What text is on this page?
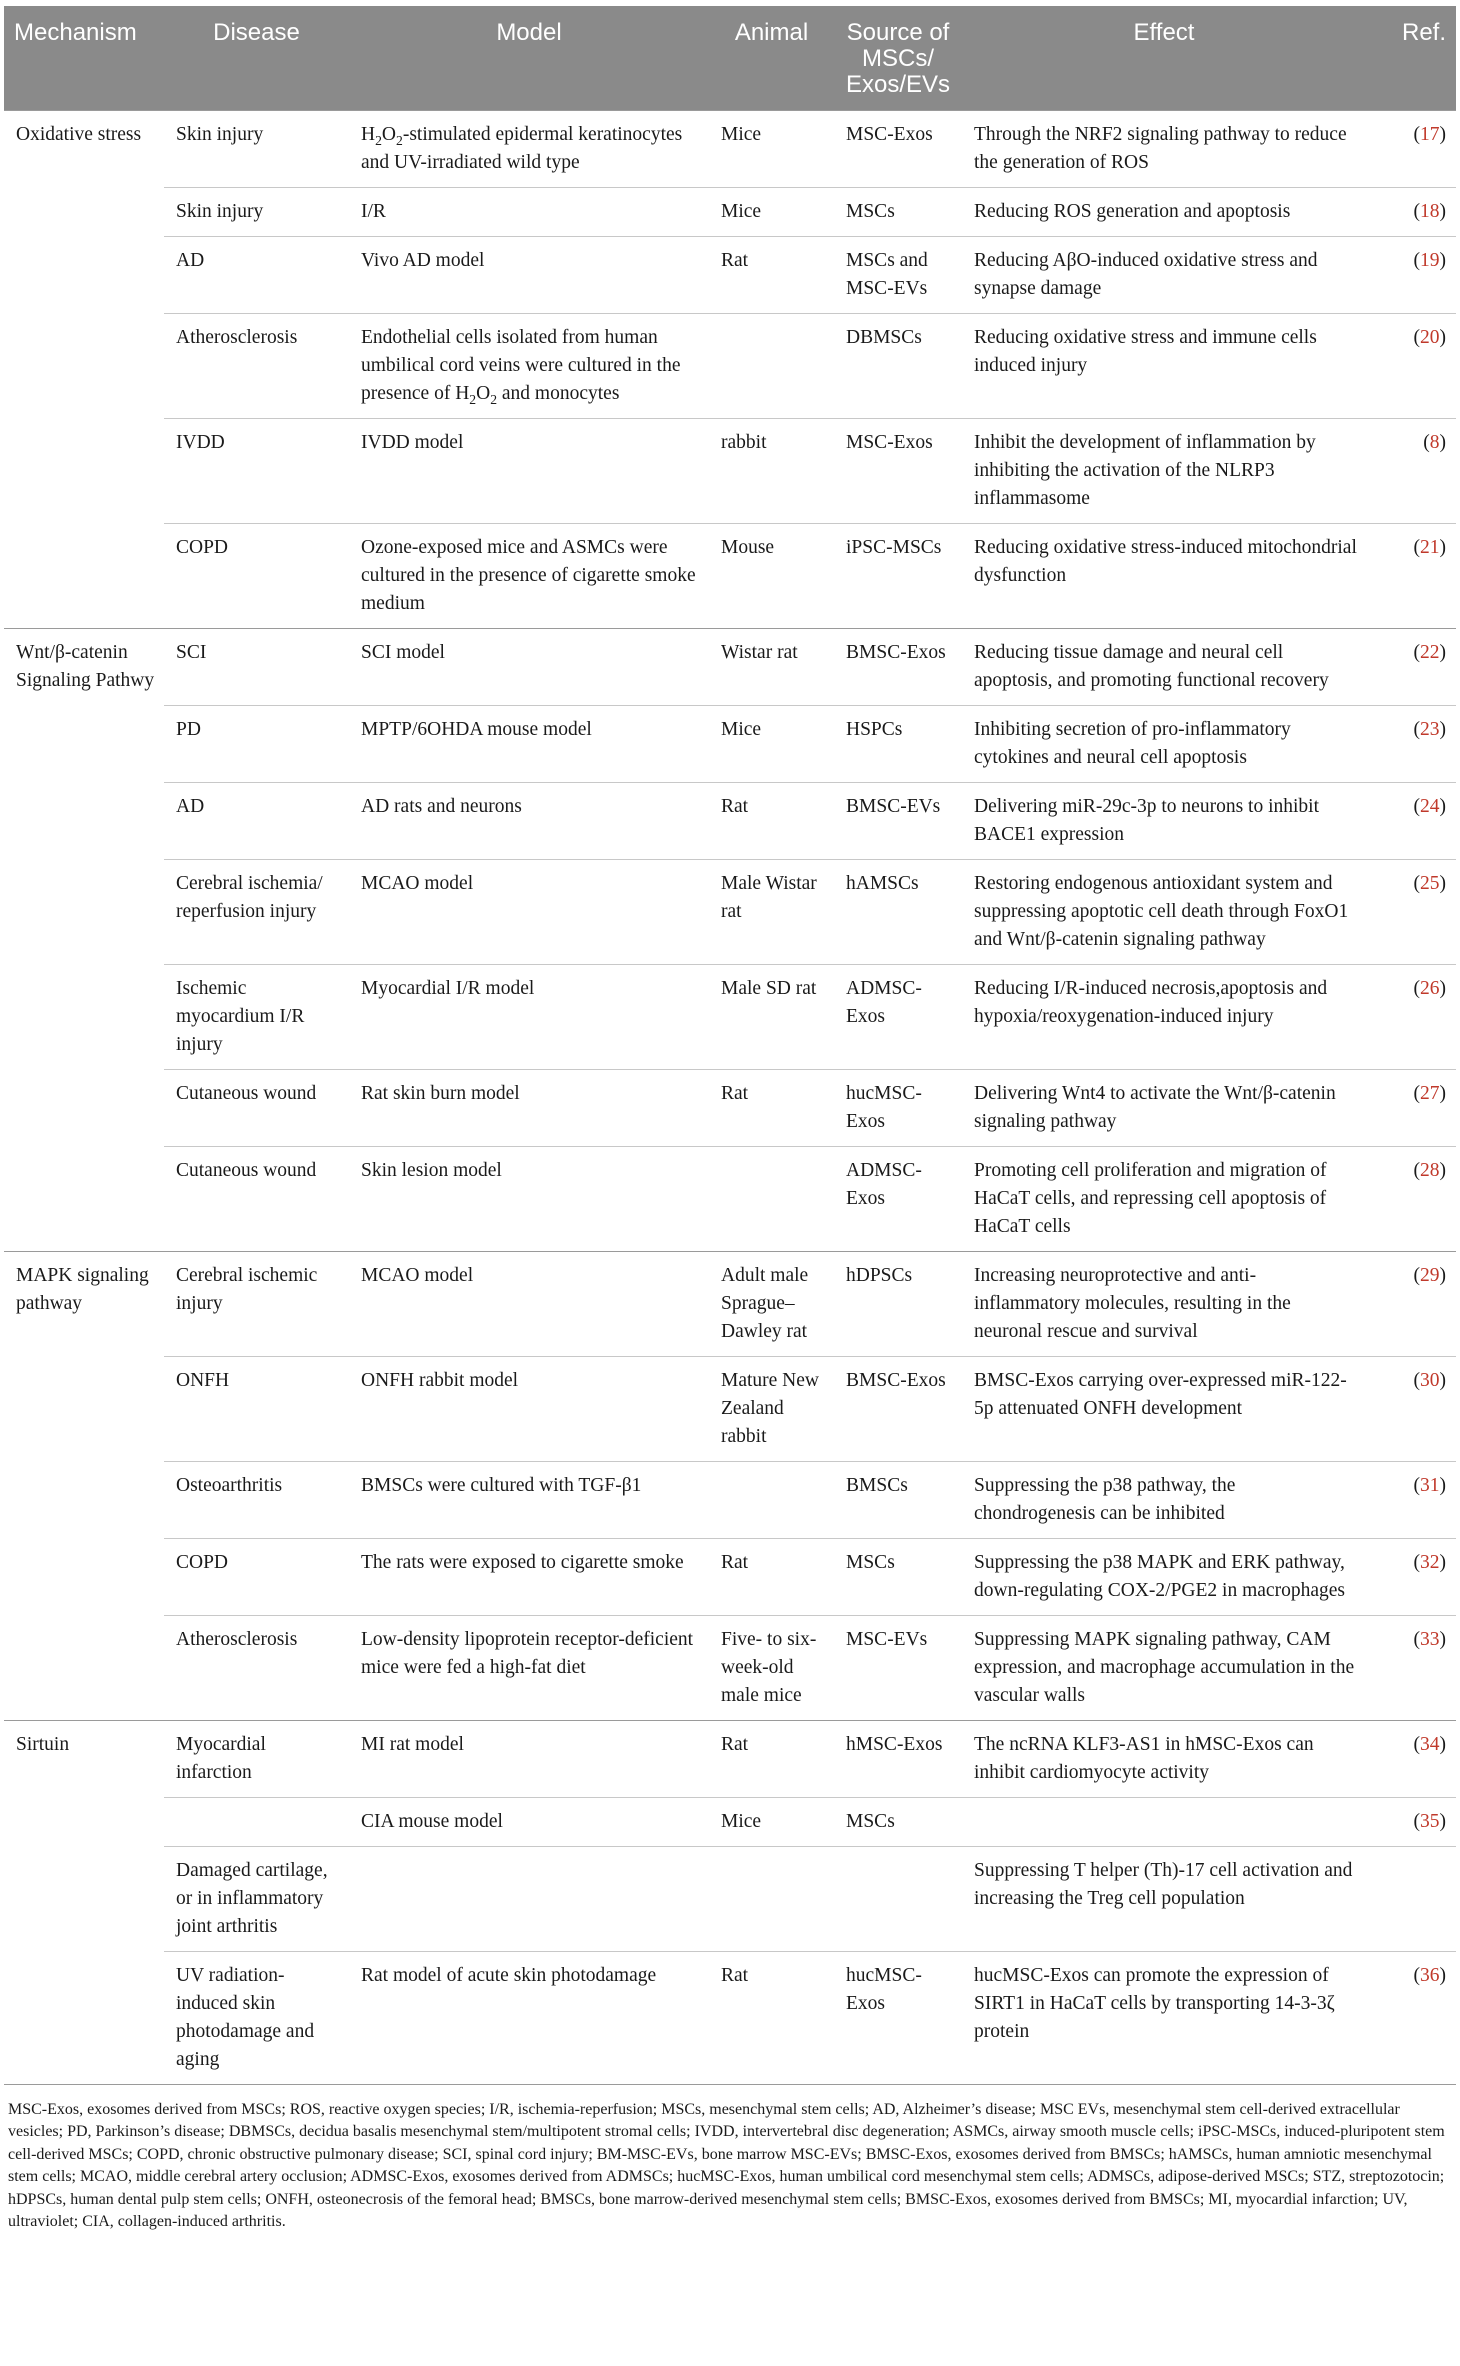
Mechanism	Disease	Model	Animal	Source of MSCs/ Exos/EVs	Effect	Ref.
Oxidative stress	Skin injury	$H_2O_2$-stimulated epidermal keratinocytes and UV-irradiated wild type	Mice	MSC-Exos	Through the NRF2 signaling pathway to reduce the generation of ROS	(17)
	Skin injury	I/R	Mice	MSCs	Reducing ROS generation and apoptosis	(18)
	AD	Vivo AD model	Rat	MSCs and MSC-EVs	Reducing AβO-induced oxidative stress and synapse damage	(19)
	Atherosclerosis	Endothelial cells isolated from human umbilical cord veins were cultured in the presence of $H_2O_2$ and monocytes		DBMSCs	Reducing oxidative stress and immune cells induced injury	(20)
	IVDD	IVDD model	rabbit	MSC-Exos	Inhibit the development of inflammation by inhibiting the activation of the NLRP3 inflammasome	(8)
	COPD	Ozone-exposed mice and ASMCs were cultured in the presence of cigarette smoke medium	Mouse	iPSC-MSCs	Reducing oxidative stress-induced mitochondrial dysfunction	(21)
Wnt/β-catenin Signaling Pathwy	SCI	SCI model	Wistar rat	BMSC-Exos	Reducing tissue damage and neural cell apoptosis, and promoting functional recovery	(22)
	PD	MPTP/6OHDA mouse model	Mice	HSPCs	Inhibiting secretion of pro-inflammatory cytokines and neural cell apoptosis	(23)
	AD	AD rats and neurons	Rat	BMSC-EVs	Delivering miR-29c-3p to neurons to inhibit BACE1 expression	(24)
	Cerebral ischemia/ reperfusion injury	MCAO model	Male Wistar rat	hAMSCs	Restoring endogenous antioxidant system and suppressing apoptotic cell death through FoxO1 and Wnt/β-catenin signaling pathway	(25)
	Ischemic myocardium I/R injury	Myocardial I/R model	Male SD rat	ADMSC-Exos	Reducing I/R-induced necrosis,apoptosis and hypoxia/reoxygenation-induced injury	(26)
	Cutaneous wound	Rat skin burn model	Rat	hucMSC-Exos	Delivering Wnt4 to activate the Wnt/β-catenin signaling pathway	(27)
	Cutaneous wound	Skin lesion model		ADMSC-Exos	Promoting cell proliferation and migration of HaCaT cells, and repressing cell apoptosis of HaCaT cells	(28)
MAPK signaling pathway	Cerebral ischemic injury	MCAO model	Adult male Sprague–Dawley rat	hDPSCs	Increasing neuroprotective and anti-inflammatory molecules, resulting in the neuronal rescue and survival	(29)
	ONFH	ONFH rabbit model	Mature New Zealand rabbit	BMSC-Exos	BMSC-Exos carrying over-expressed miR-122-5p attenuated ONFH development	(30)
	Osteoarthritis	BMSCs were cultured with TGF-β1		BMSCs	Suppressing the p38 pathway, the chondrogenesis can be inhibited	(31)
	COPD	The rats were exposed to cigarette smoke	Rat	MSCs	Suppressing the p38 MAPK and ERK pathway, down-regulating COX-2/PGE2 in macrophages	(32)
	Atherosclerosis	Low-density lipoprotein receptor-deficient mice were fed a high-fat diet	Five- to six-week-old male mice	MSC-EVs	Suppressing MAPK signaling pathway, CAM expression, and macrophage accumulation in the vascular walls	(33)
Sirtuin	Myocardial infarction	MI rat model	Rat	hMSC-Exos	The ncRNA KLF3-AS1 in hMSC-Exos can inhibit cardiomyocyte activity	(34)
		CIA mouse model	Mice	MSCs		(35)
	Damaged cartilage, or in inflammatory joint arthritis				Suppressing T helper (Th)-17 cell activation and increasing the Treg cell population	
	UV radiation-induced skin photodamage and aging	Rat model of acute skin photodamage	Rat	hucMSC-Exos	hucMSC-Exos can promote the expression of SIRT1 in HaCaT cells by transporting 14-3-3ζ protein	(36)
MSC-Exos, exosomes derived from MSCs; ROS, reactive oxygen species; I/R, ischemia-reperfusion; MSCs, mesenchymal stem cells; AD, Alzheimer’s disease; MSC EVs, mesenchymal stem cell-derived extracellular vesicles; PD, Parkinson’s disease; DBMSCs, decidua basalis mesenchymal stem/multipotent stromal cells; IVDD, intervertebral disc degeneration; ASMCs, airway smooth muscle cells; iPSC-MSCs, induced-pluripotent stem cell-derived MSCs; COPD, chronic obstructive pulmonary disease; SCI, spinal cord injury; BM-MSC-EVs, bone marrow MSC-EVs; BMSC-Exos, exosomes derived from BMSCs; hAMSCs, human amniotic mesenchymal stem cells; MCAO, middle cerebral artery occlusion; ADMSC-Exos, exosomes derived from ADMSCs; hucMSC-Exos, human umbilical cord mesenchymal stem cells; ADMSCs, adipose-derived MSCs; STZ, streptozotocin; hDPSCs, human dental pulp stem cells; ONFH, osteonecrosis of the femoral head; BMSCs, bone marrow-derived mesenchymal stem cells; BMSC-Exos, exosomes derived from BMSCs; MI, myocardial infarction; UV, ultraviolet; CIA, collagen-induced arthritis.
